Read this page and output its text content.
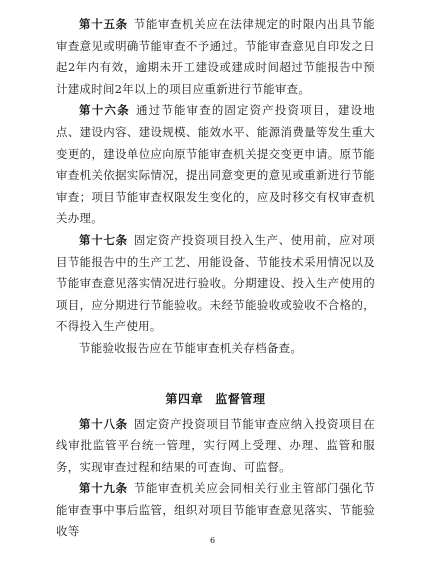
第十五条 节能审查机关应在法律规定的时限内出具节能审查意见或明确节能审查不予通过。节能审查意见自印发之日起2年内有效，逾期未开工建设或建成时间超过节能报告中预计建成时间2年以上的项目应重新进行节能审查。

第十六条 通过节能审查的固定资产投资项目，建设地点、建设内容、建设规模、能效水平、能源消费量等发生重大变更的，建设单位应向原节能审查机关提交变更申请。原节能审查机关依据实际情况，提出同意变更的意见或重新进行节能审查；项目节能审查权限发生变化的，应及时移交有权审查机关办理。

第十七条 固定资产投资项目投入生产、使用前，应对项目节能报告中的生产工艺、用能设备、节能技术采用情况以及节能审查意见落实情况进行验收。分期建设、投入生产使用的项目，应分期进行节能验收。未经节能验收或验收不合格的，不得投入生产使用。

节能验收报告应在节能审查机关存档备查。

第四章 监督管理

第十八条 固定资产投资项目节能审查应纳入投资项目在线审批监管平台统一管理，实行网上受理、办理、监管和服务，实现审查过程和结果的可查询、可监督。

第十九条 节能审查机关应会同相关行业主管部门强化节能审查事中事后监管，组织对项目节能审查意见落实、节能验收等

6
